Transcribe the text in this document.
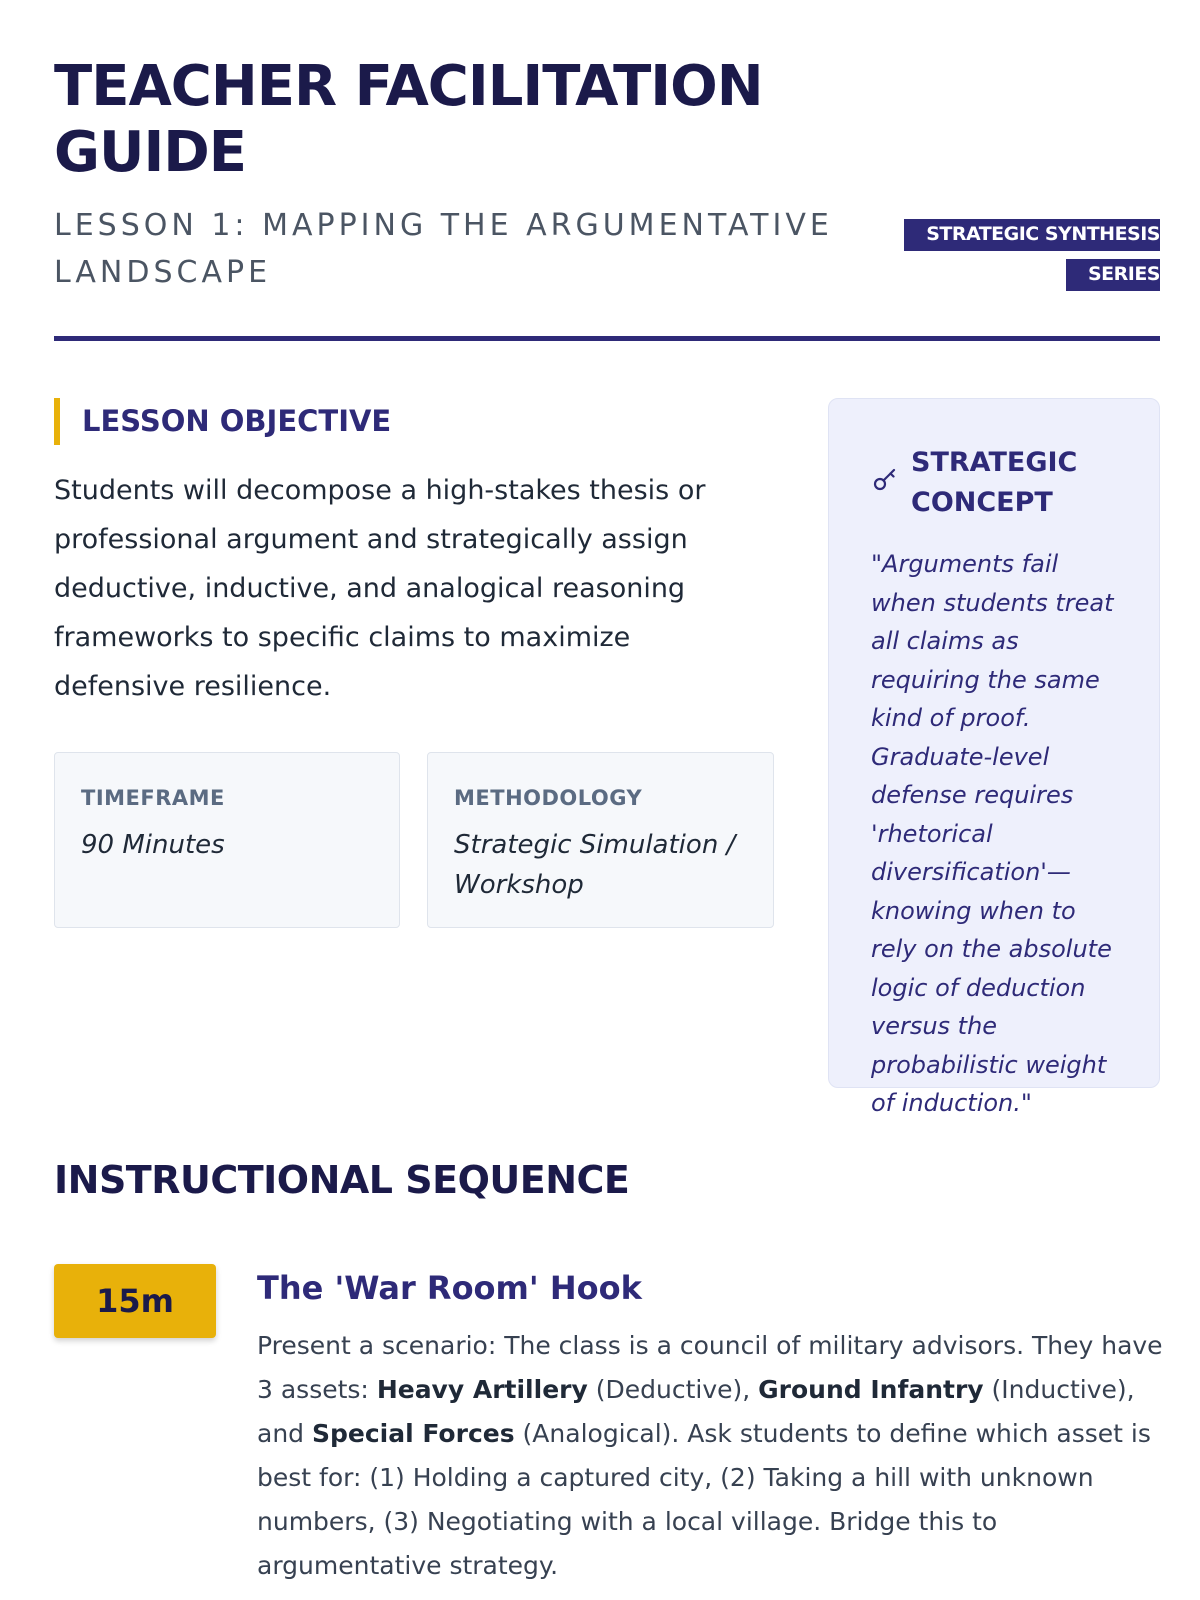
TEACHER FACILITATION GUIDE
LESSON 1: MAPPING THE ARGUMENTATIVE LANDSCAPE
STRATEGIC SYNTHESIS SERIES
LESSON OBJECTIVE

Students will decompose a high-stakes thesis or professional argument and strategically assign deductive, inductive, and analogical reasoning frameworks to specific claims to maximize defensive resilience.

TIMEFRAME
90 Minutes
METHODOLOGY
Strategic Simulation / Workshop
STRATEGIC CONCEPT
"Arguments fail when students treat all claims as requiring the same kind of proof. Graduate-level defense requires 'rhetorical diversification'— knowing when to rely on the absolute logic of deduction versus the probabilistic weight of induction."
INSTRUCTIONAL SEQUENCE
15m	The 'War Room' Hook

Present a scenario: The class is a council of military advisors. They have 3 assets: Heavy Artillery (Deductive), Ground Infantry (Inductive), and Special Forces (Analogical). Ask students to define which asset is best for: (1) Holding a captured city, (2) Taking a hill with unknown numbers, (3) Negotiating with a local village. Bridge this to argumentative strategy.
